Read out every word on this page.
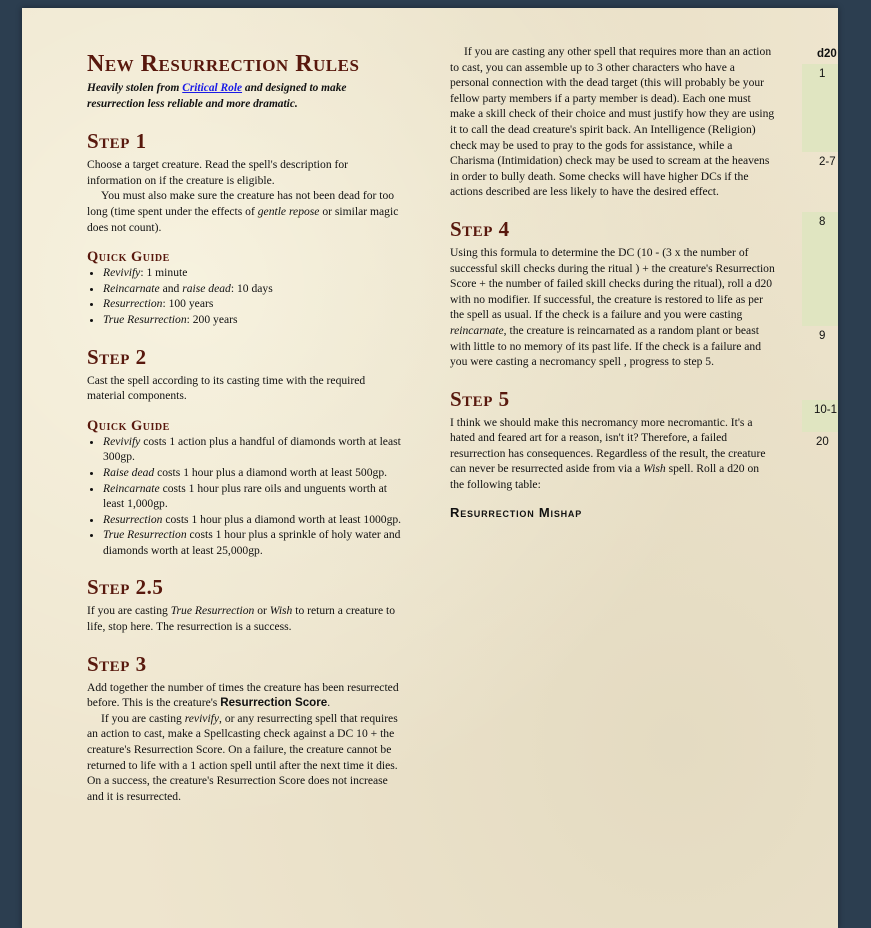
New Resurrection Rules

Heavily stolen from Critical Role and designed to make resurrection less reliable and more dramatic.

Step 1

Choose a target creature. Read the spell's description for information on if the creature is eligible.

You must also make sure the creature has not been dead for too long (time spent under the effects of gentle repose or similar magic does not count).

Quick Guide
• Revivify: 1 minute
• Reincarnate and raise dead: 10 days
• Resurrection: 100 years
• True Resurrection: 200 years
Step 2

Cast the spell according to its casting time with the required material components.

Quick Guide
• Revivify costs 1 action plus a handful of diamonds worth at least 300gp.
• Raise dead costs 1 hour plus a diamond worth at least 500gp.
• Reincarnate costs 1 hour plus rare oils and unguents worth at least 1,000gp.
• Resurrection costs 1 hour plus a diamond worth at least 1000gp.
• True Resurrection costs 1 hour plus a sprinkle of holy water and diamonds worth at least 25,000gp.
Step 2.5

If you are casting True Resurrection or Wish to return a creature to life, stop here. The resurrection is a success.

Step 3

Add together the number of times the creature has been resurrected before. This is the creature's Resurrection Score.

If you are casting revivify, or any resurrecting spell that requires an action to cast, make a Spellcasting check against a DC 10 + the creature's Resurrection Score. On a failure, the creature cannot be returned to life with a 1 action spell until after the next time it dies. On a success, the creature's Resurrection Score does not increase and it is resurrected.

If you are casting any other spell that requires more than an action to cast, you can assemble up to 3 other characters who have a personal connection with the dead target (this will probably be your fellow party members if a party member is dead). Each one must make a skill check of their choice and must justify how they are using it to call the dead creature's spirit back. An Intelligence (Religion) check may be used to pray to the gods for assistance, while a Charisma (Intimidation) check may be used to scream at the heavens in order to bully death. Some checks will have higher DCs if the actions described are less likely to have the desired effect.

Step 4

Using this formula to determine the DC (10 - (3 x the number of successful skill checks during the ritual ) + the creature's Resurrection Score + the number of failed skill checks during the ritual), roll a d20 with no modifier. If successful, the creature is restored to life as per the spell as usual. If the check is a failure and you were casting reincarnate, the creature is reincarnated as a random plant or beast with little to no memory of its past life. If the check is a failure and you were casting a necromancy spell , progress to step 5.

Step 5

I think we should make this necromancy more necromantic. It's a hated and feared art for a reason, isn't it? Therefore, a failed resurrection has consequences. Regardless of the result, the creature can never be resurrected aside from via a Wish spell. Roll a d20 on the following table:

Resurrection Mishap
d20
1
2-7
8
9
10-1
20
